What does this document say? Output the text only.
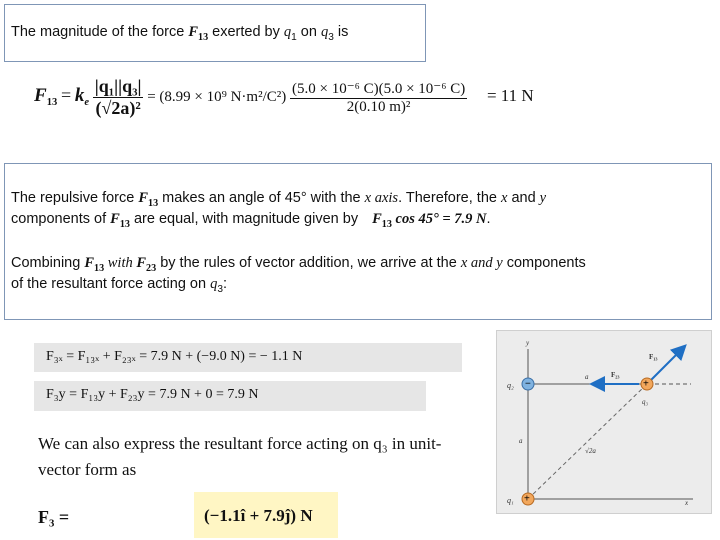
The magnitude of the force $F_{13}$ exerted by $q_1$ on $q_3$ is
$F_{13} = k_e \frac{\text{|q₁||q₃|}}{\text{(√2a)²}} = (8.99 \times 10^9$ $N\cdot m^2/C^2) \frac{\text{(5.0 × 10⁻⁶ C)(5.0 × 10⁻⁶ C)}}{\text{2(0.10 m)²}} = 11$ N
The repulsive force $F_{13}$ makes an angle of 45° with the x axis. Therefore, the x and y
components of $F_{13}$ are equal, with magnitude given by $F_{13}$ cos 45° = 7.9 N.
Combining $F_{13}$ with $F_{23}$ by the rules of vector addition, we arrive at the x and y components
of the resultant force acting on $q_3$:
F₃ₓ = F₁₃ₓ + F₂₃ₓ = 7.9 N + (−9.0 N) = − 1.1 N
F₃y = F₁₃y + F₂₃y = 7.9 N + 0 = 7.9 N
We can also express the resultant force acting on q₃ in unit-
vector form as
F₃ =	(−1.1î + 7.9ĵ) N
−	+
+
y
x
q₂
q₁
q₃
a
a
√2a
F₂₃
F₁₃
